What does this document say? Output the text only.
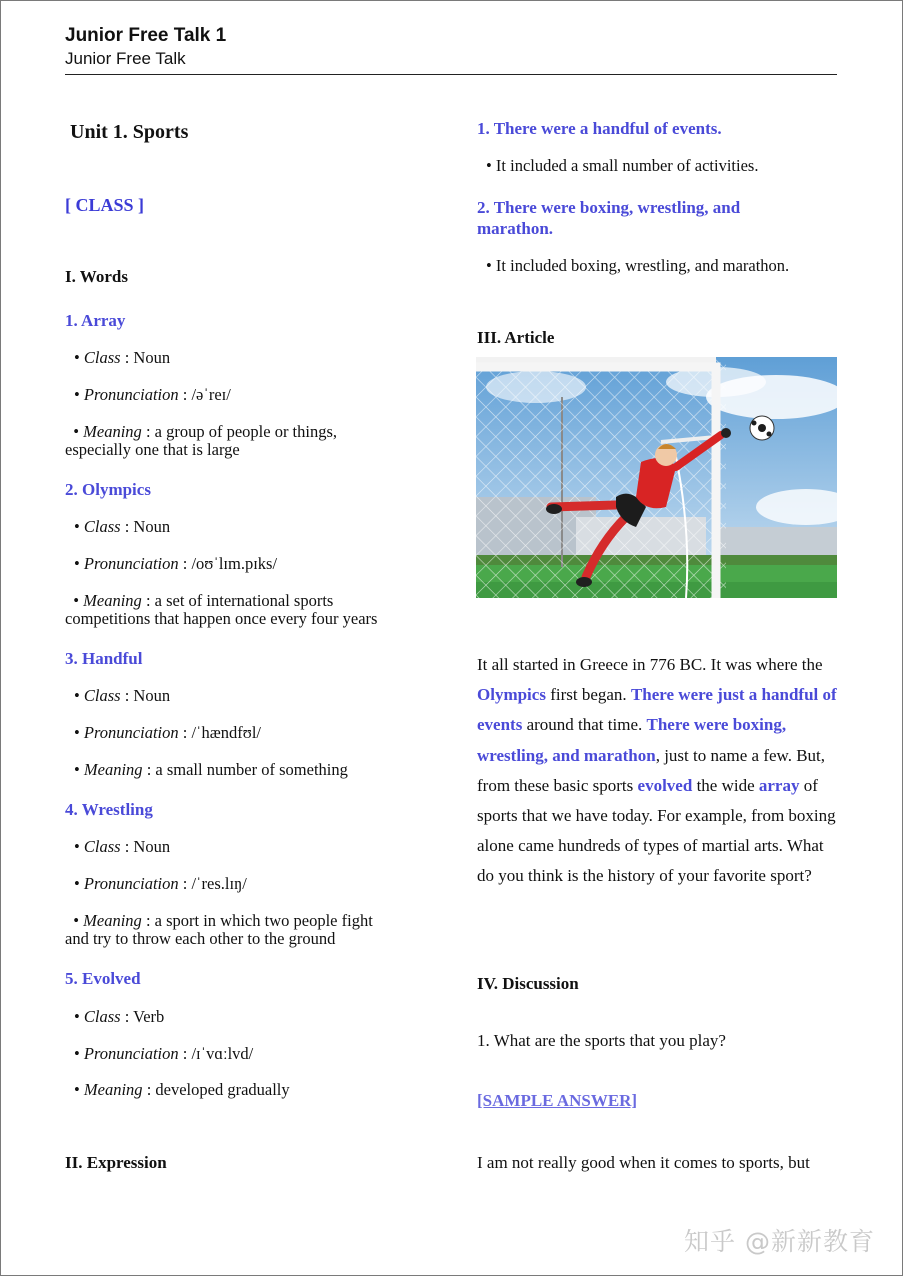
Junior Free Talk 1
Junior Free Talk
Unit 1. Sports
[ CLASS ]
I. Words
1. Array
• Class : Noun
• Pronunciation : /əˈreɪ/
• Meaning : a group of people or things,
especially one that is large
2. Olympics
• Class : Noun
• Pronunciation : /oʊˈlɪm.pɪks/
• Meaning : a set of international sports
competitions that happen once every four years
3. Handful
• Class : Noun
• Pronunciation : /ˈhændfʊl/
• Meaning : a small number of something
4. Wrestling
• Class : Noun
• Pronunciation : /ˈres.lɪŋ/
• Meaning : a sport in which two people fight
and try to throw each other to the ground
5. Evolved
• Class : Verb
• Pronunciation : /ɪˈvɑːlvd/
• Meaning : developed gradually
II. Expression
1. There were a handful of events.
• It included a small number of activities.
2. There were boxing, wrestling, and marathon.
• It included boxing, wrestling, and marathon.
III. Article
It all started in Greece in 776 BC. It was where the Olympics first began. There were just a handful of events around that time. There were boxing, wrestling, and marathon, just to name a few. But, from these basic sports evolved the wide array of sports that we have today. For example, from boxing alone came hundreds of types of martial arts. What do you think is the history of your favorite sport?
IV. Discussion
1. What are the sports that you play?
[SAMPLE ANSWER]
I am not really good when it comes to sports, but
知乎 @新新教育
